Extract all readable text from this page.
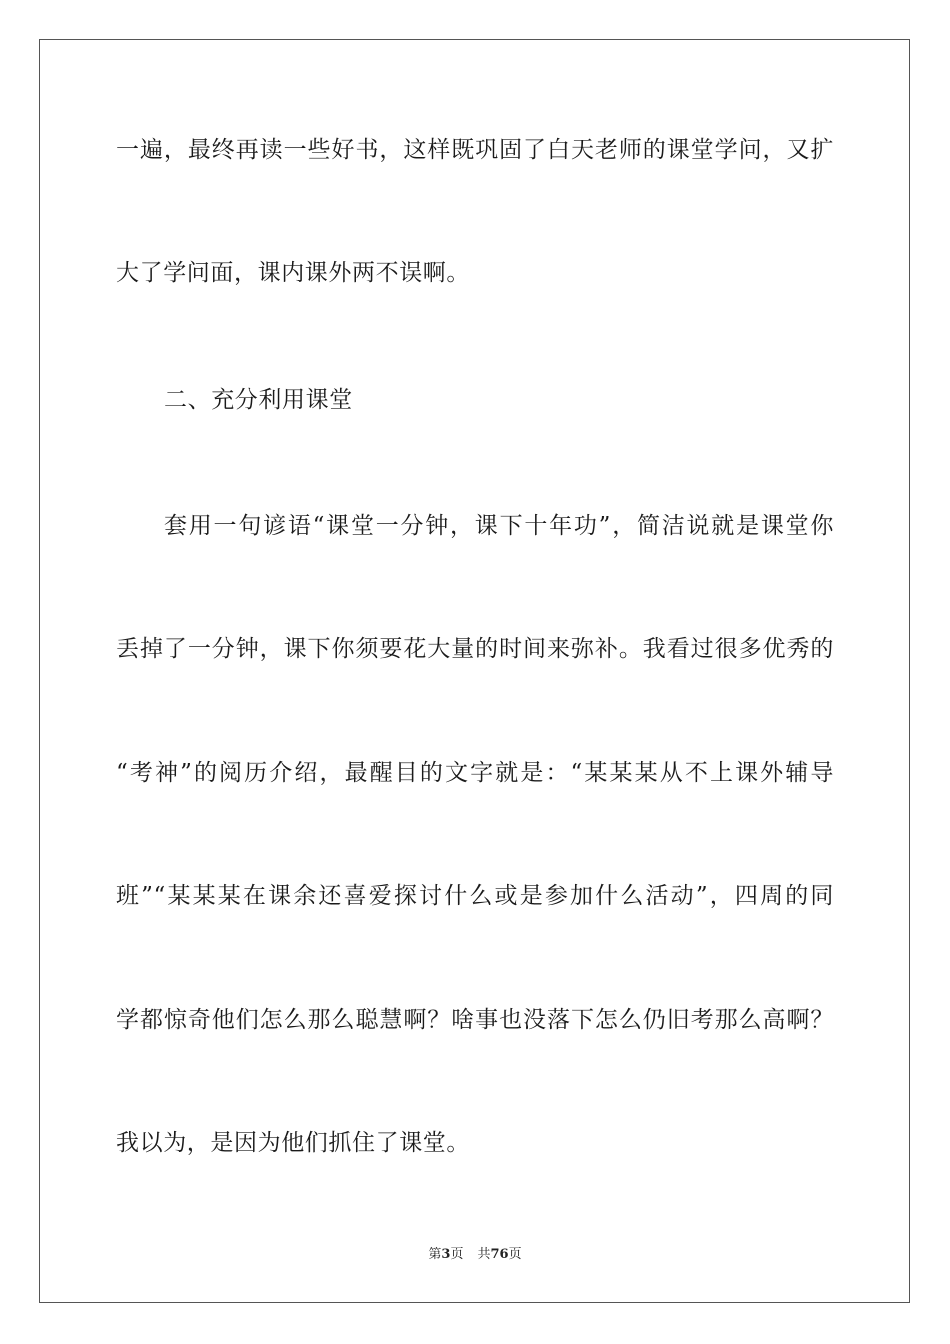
一遍，最终再读一些好书，这样既巩固了白天老师的课堂学问，又扩
大了学问面，课内课外两不误啊。
二、充分利用课堂
套用一句谚语“课堂一分钟，课下十年功”，简洁说就是课堂你
丢掉了一分钟，课下你须要花大量的时间来弥补。我看过很多优秀的
“考神”的阅历介绍，最醒目的文字就是：“某某某从不上课外辅导
班”“某某某在课余还喜爱探讨什么或是参加什么活动”，四周的同
学都惊奇他们怎么那么聪慧啊？啥事也没落下怎么仍旧考那么高啊？
我以为，是因为他们抓住了课堂。
第3页 共76页
